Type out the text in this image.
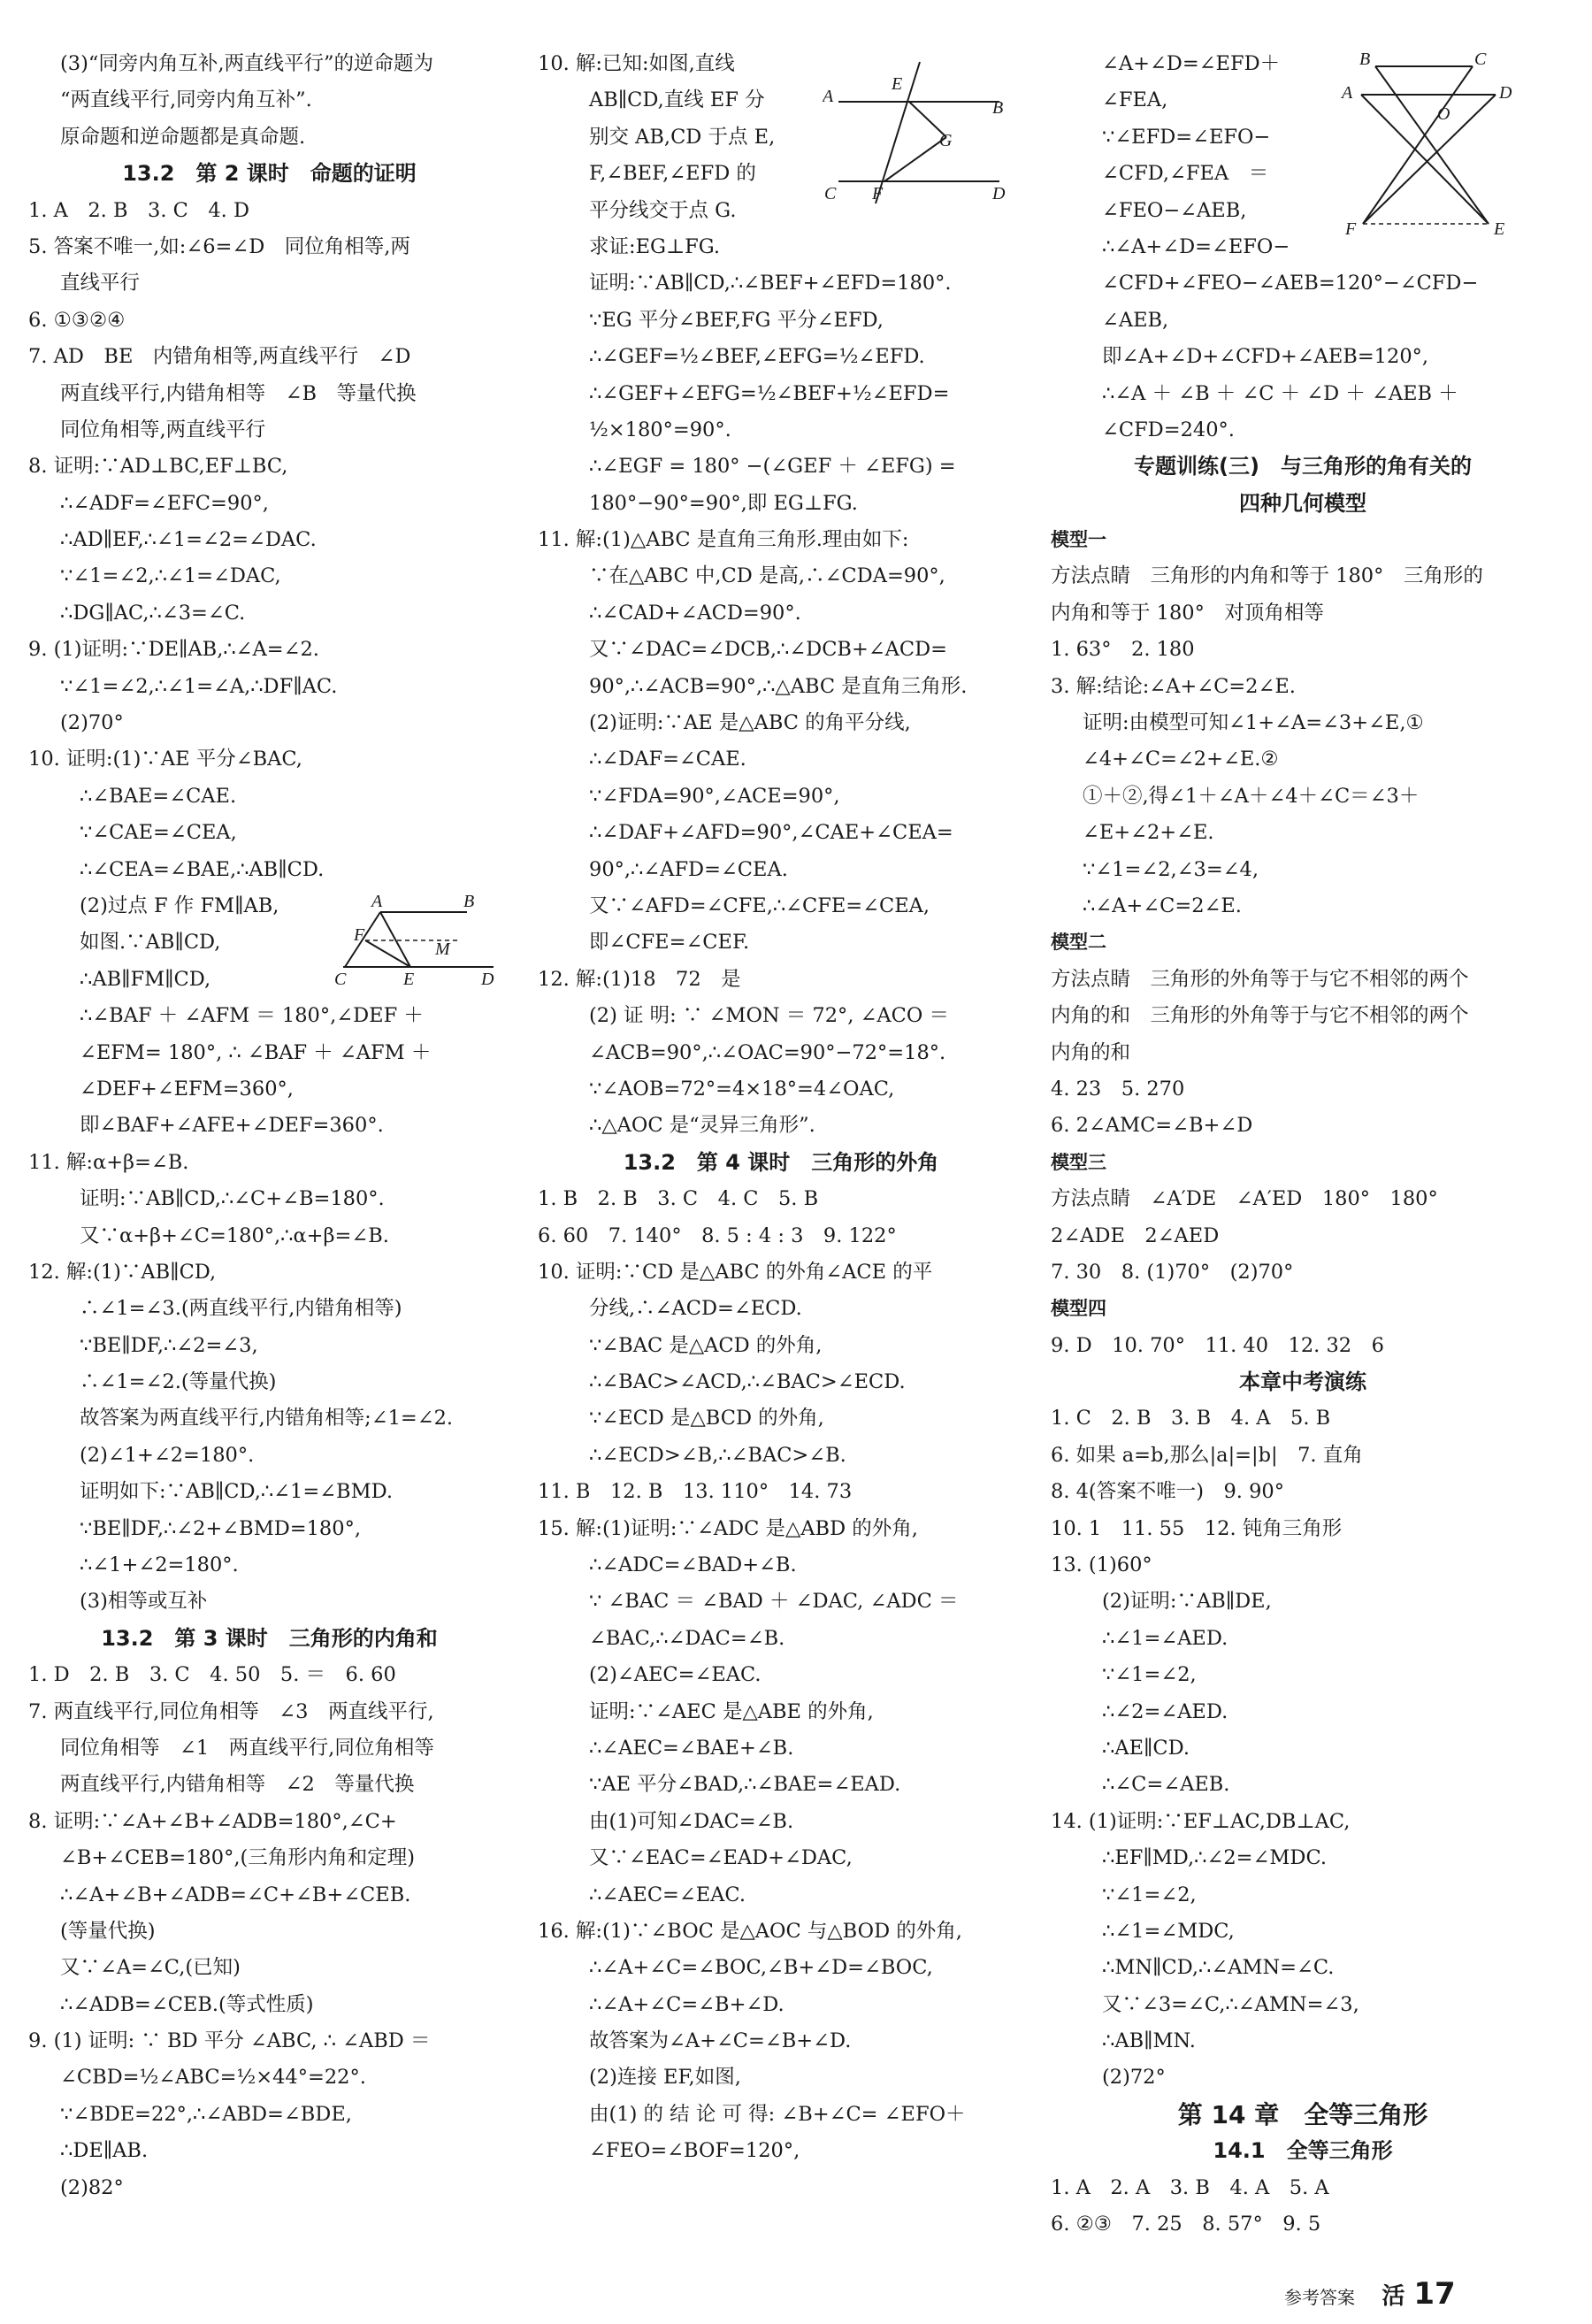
(3)“同旁内角互补,两直线平行”的逆命题为
“两直线平行,同旁内角互补”.
原命题和逆命题都是真命题.
13.2　第 2 课时　命题的证明
1. A　2. B　3. C　4. D
5. 答案不唯一,如:∠6=∠D　同位角相等,两
直线平行
6. ①③②④
7. AD　BE　内错角相等,两直线平行　∠D
两直线平行,内错角相等　∠B　等量代换
同位角相等,两直线平行
8. 证明:∵AD⊥BC,EF⊥BC,
∴∠ADF=∠EFC=90°,
∴AD∥EF,∴∠1=∠2=∠DAC.
∵∠1=∠2,∴∠1=∠DAC,
∴DG∥AC,∴∠3=∠C.
9. (1)证明:∵DE∥AB,∴∠A=∠2.
∵∠1=∠2,∴∠1=∠A,∴DF∥AC.
(2)70°
10. 证明:(1)∵AE 平分∠BAC,
∴∠BAE=∠CAE.
∵∠CAE=∠CEA,
∴∠CEA=∠BAE,∴AB∥CD.
(2)过点 F 作 FM∥AB,
如图.∵AB∥CD,
∴AB∥FM∥CD,
∴∠BAF ＋ ∠AFM ＝ 180°,∠DEF ＋
∠EFM= 180°, ∴ ∠BAF ＋ ∠AFM ＋
∠DEF+∠EFM=360°,
即∠BAF+∠AFE+∠DEF=360°.
11. 解:α+β=∠B.
证明:∵AB∥CD,∴∠C+∠B=180°.
又∵α+β+∠C=180°,∴α+β=∠B.
12. 解:(1)∵AB∥CD,
∴∠1=∠3.(两直线平行,内错角相等)
∵BE∥DF,∴∠2=∠3,
∴∠1=∠2.(等量代换)
故答案为两直线平行,内错角相等;∠1=∠2.
(2)∠1+∠2=180°.
证明如下:∵AB∥CD,∴∠1=∠BMD.
∵BE∥DF,∴∠2+∠BMD=180°,
∴∠1+∠2=180°.
(3)相等或互补
13.2　第 3 课时　三角形的内角和
1. D　2. B　3. C　4. 50　5. ＝　6. 60
7. 两直线平行,同位角相等　∠3　两直线平行,
同位角相等　∠1　两直线平行,同位角相等
两直线平行,内错角相等　∠2　等量代换
8. 证明:∵∠A+∠B+∠ADB=180°,∠C+
∠B+∠CEB=180°,(三角形内角和定理)
∴∠A+∠B+∠ADB=∠C+∠B+∠CEB.
(等量代换)
又∵∠A=∠C,(已知)
∴∠ADB=∠CEB.(等式性质)
9. (1) 证明: ∵ BD 平分 ∠ABC, ∴ ∠ABD ＝
∠CBD=½∠ABC=½×44°=22°.
∵∠BDE=22°,∴∠ABD=∠BDE,
∴DE∥AB.
(2)82°
10. 解:已知:如图,直线
AB∥CD,直线 EF 分
别交 AB,CD 于点 E,
F,∠BEF,∠EFD 的
平分线交于点 G.
求证:EG⊥FG.
证明:∵AB∥CD,∴∠BEF+∠EFD=180°.
∵EG 平分∠BEF,FG 平分∠EFD,
∴∠GEF=½∠BEF,∠EFG=½∠EFD.
∴∠GEF+∠EFG=½∠BEF+½∠EFD=
½×180°=90°.
∴∠EGF = 180° −(∠GEF ＋ ∠EFG) =
180°−90°=90°,即 EG⊥FG.
11. 解:(1)△ABC 是直角三角形.理由如下:
∵在△ABC 中,CD 是高,∴∠CDA=90°,
∴∠CAD+∠ACD=90°.
又∵∠DAC=∠DCB,∴∠DCB+∠ACD=
90°,∴∠ACB=90°,∴△ABC 是直角三角形.
(2)证明:∵AE 是△ABC 的角平分线,
∴∠DAF=∠CAE.
∵∠FDA=90°,∠ACE=90°,
∴∠DAF+∠AFD=90°,∠CAE+∠CEA=
90°,∴∠AFD=∠CEA.
又∵∠AFD=∠CFE,∴∠CFE=∠CEA,
即∠CFE=∠CEF.
12. 解:(1)18　72　是
(2) 证 明: ∵ ∠MON ＝ 72°, ∠ACO ＝
∠ACB=90°,∴∠OAC=90°−72°=18°.
∵∠AOB=72°=4×18°=4∠OAC,
∴△AOC 是“灵异三角形”.
13.2　第 4 课时　三角形的外角
1. B　2. B　3. C　4. C　5. B
6. 60　7. 140°　8. 5 : 4 : 3　9. 122°
10. 证明:∵CD 是△ABC 的外角∠ACE 的平
分线,∴∠ACD=∠ECD.
∵∠BAC 是△ACD 的外角,
∴∠BAC>∠ACD,∴∠BAC>∠ECD.
∵∠ECD 是△BCD 的外角,
∴∠ECD>∠B,∴∠BAC>∠B.
11. B　12. B　13. 110°　14. 73
15. 解:(1)证明:∵∠ADC 是△ABD 的外角,
∴∠ADC=∠BAD+∠B.
∵ ∠BAC ＝ ∠BAD ＋ ∠DAC, ∠ADC ＝
∠BAC,∴∠DAC=∠B.
(2)∠AEC=∠EAC.
证明:∵∠AEC 是△ABE 的外角,
∴∠AEC=∠BAE+∠B.
∵AE 平分∠BAD,∴∠BAE=∠EAD.
由(1)可知∠DAC=∠B.
又∵∠EAC=∠EAD+∠DAC,
∴∠AEC=∠EAC.
16. 解:(1)∵∠BOC 是△AOC 与△BOD 的外角,
∴∠A+∠C=∠BOC,∠B+∠D=∠BOC,
∴∠A+∠C=∠B+∠D.
故答案为∠A+∠C=∠B+∠D.
(2)连接 EF,如图,
由(1) 的 结 论 可 得: ∠B+∠C= ∠EFO＋
∠FEO=∠BOF=120°,
∠A+∠D=∠EFD＋
∠FEA,
∵∠EFD=∠EFO−
∠CFD,∠FEA　＝
∠FEO−∠AEB,
∴∠A+∠D=∠EFO−
∠CFD+∠FEO−∠AEB=120°−∠CFD−
∠AEB,
即∠A+∠D+∠CFD+∠AEB=120°,
∴∠A ＋ ∠B ＋ ∠C ＋ ∠D ＋ ∠AEB ＋
∠CFD=240°.
专题训练(三)　与三角形的角有关的
四种几何模型
模型一
方法点睛　三角形的内角和等于 180°　三角形的
内角和等于 180°　对顶角相等
1. 63°　2. 180
3. 解:结论:∠A+∠C=2∠E.
证明:由模型可知∠1+∠A=∠3+∠E,①
∠4+∠C=∠2+∠E.②
①＋②,得∠1＋∠A＋∠4＋∠C＝∠3＋
∠E+∠2+∠E.
∵∠1=∠2,∠3=∠4,
∴∠A+∠C=2∠E.
模型二
方法点睛　三角形的外角等于与它不相邻的两个
内角的和　三角形的外角等于与它不相邻的两个
内角的和
4. 23　5. 270
6. 2∠AMC=∠B+∠D
模型三
方法点睛　∠A′DE　∠A′ED　180°　180°
2∠ADE　2∠AED
7. 30　8. (1)70°　(2)70°
模型四
9. D　10. 70°　11. 40　12. 32　6
本章中考演练
1. C　2. B　3. B　4. A　5. B
6. 如果 a=b,那么|a|=|b|　7. 直角
8. 4(答案不唯一)　9. 90°
10. 1　11. 55　12. 钝角三角形
13. (1)60°
(2)证明:∵AB∥DE,
∴∠1=∠AED.
∵∠1=∠2,
∴∠2=∠AED.
∴AE∥CD.
∴∠C=∠AEB.
14. (1)证明:∵EF⊥AC,DB⊥AC,
∴EF∥MD,∴∠2=∠MDC.
∵∠1=∠2,
∴∠1=∠MDC,
∴MN∥CD,∴∠AMN=∠C.
又∵∠3=∠C,∴∠AMN=∠3,
∴AB∥MN.
(2)72°
第 14 章　全等三角形
14.1　全等三角形
1. A　2. A　3. B　4. A　5. A
6. ②③　7. 25　8. 57°　9. 5
A	B
F
M
C	E	D
A
E
B
G
C F	D
B	C
A
O
D
F	E
参考答案 活 17
